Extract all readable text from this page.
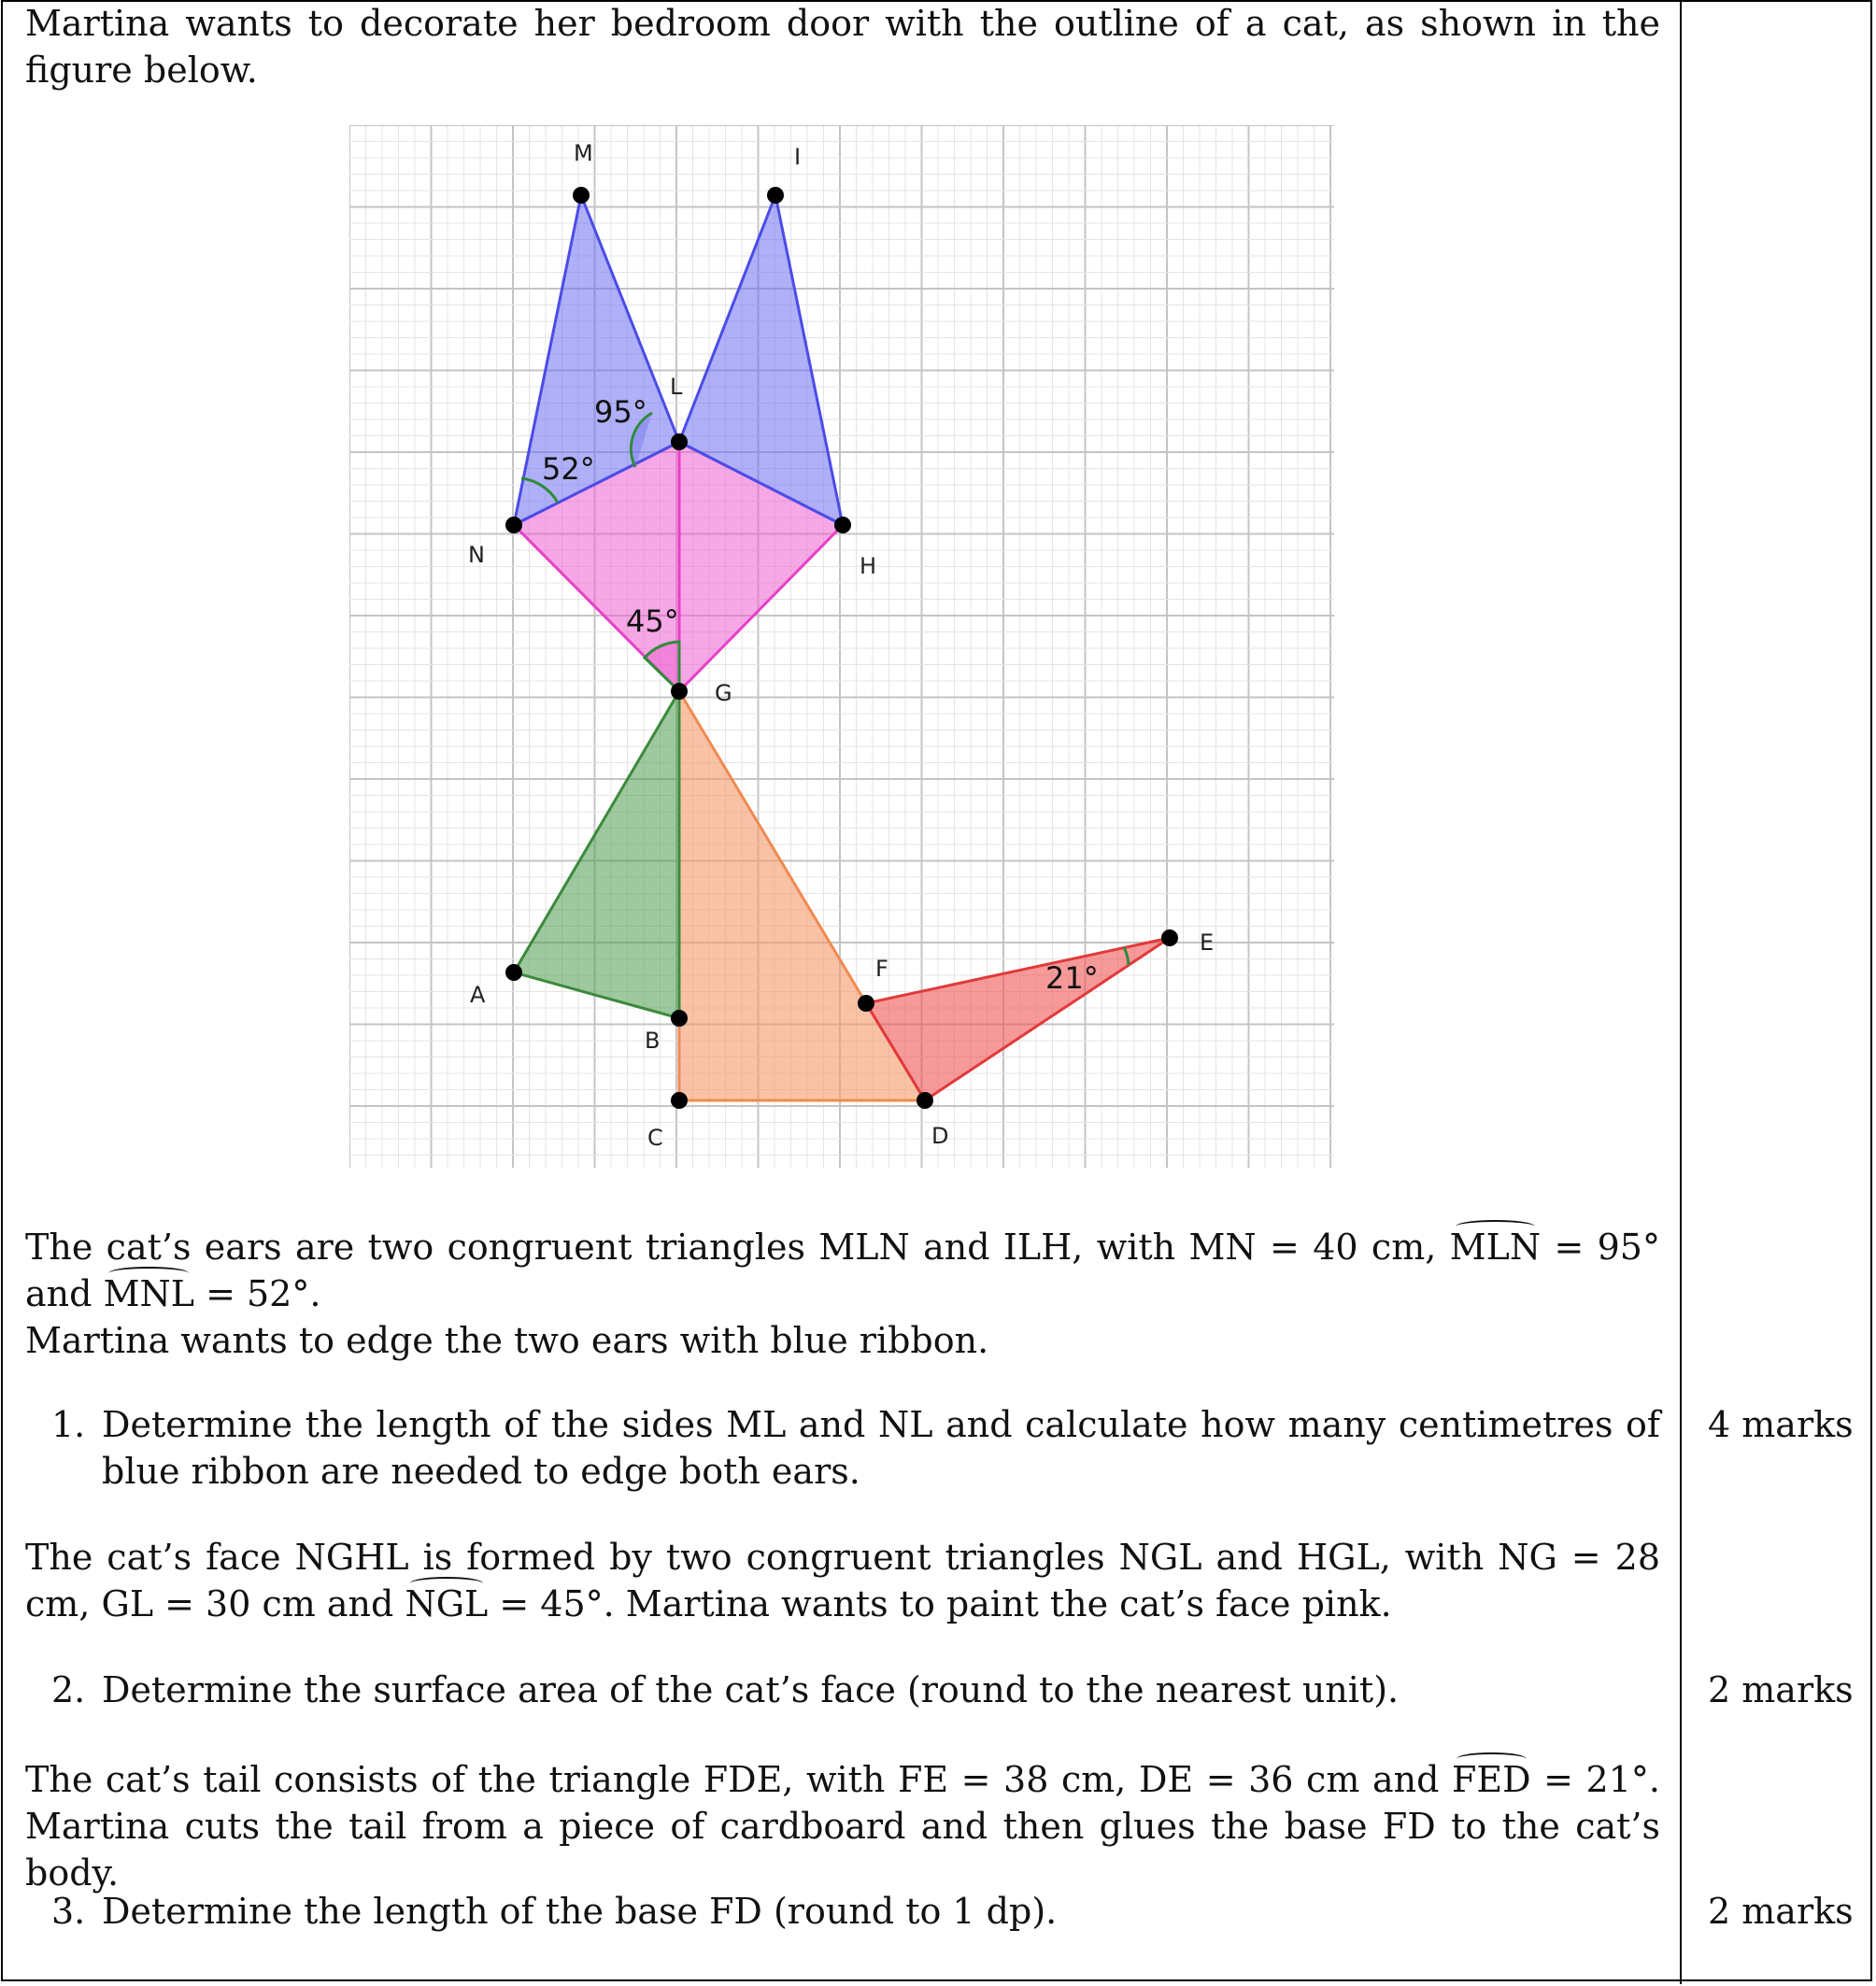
Martina wants to decorate her bedroom door with the outline of a cat, as shown in the figure below.
M	I
L
N	H
G
A
B
C	D
E
F
95°
52°
45°
21°
The cat’s ears are two congruent triangles MLN and ILH, with MN = 40 cm, MLN = 95° and MNL = 52°.
Martina wants to edge the two ears with blue ribbon.
1. Determine the length of the sides ML and NL and calculate how many centimetres of blue ribbon are needed to edge both ears.
4 marks
The cat’s face NGHL is formed by two congruent triangles NGL and HGL, with NG = 28 cm, GL = 30 cm and NGL = 45°. Martina wants to paint the cat’s face pink.
2. Determine the surface area of the cat’s face (round to the nearest unit).	2 marks
The cat’s tail consists of the triangle FDE, with FE = 38 cm, DE = 36 cm and FED = 21°. Martina cuts the tail from a piece of cardboard and then glues the base FD to the cat’s body.
3. Determine the length of the base FD (round to 1 dp).	2 marks
